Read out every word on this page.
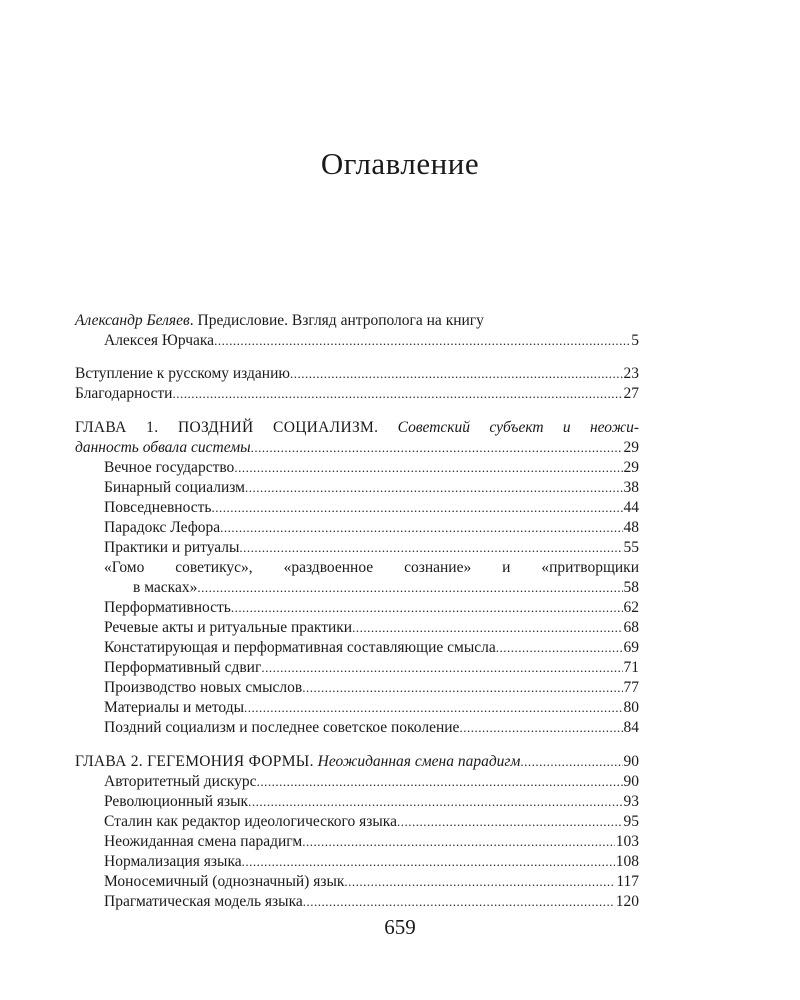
Оглавление
Александр Беляев. Предисловие. Взгляд антрополога на книгу
Алексея Юрчака .....	5
Вступление к русскому изданию .....	23
Благодарности .....	27
ГЛАВА 1. ПОЗДНИЙ СОЦИАЛИЗМ. Советский субъект и неожи-
данность обвала системы .....	29
Вечное государство .....	29
Бинарный социализм .....	38
Повседневность .....	44
Парадокс Лефора .....	48
Практики и ритуалы .....	55
«Гомо советикус», «раздвоенное сознание» и «притворщики
в масках» .....	58
Перформативность .....	62
Речевые акты и ритуальные практики .....	68
Констатирующая и перформативная составляющие смысла .....	69
Перформативный сдвиг .....	71
Производство новых смыслов .....	77
Материалы и методы .....	80
Поздний социализм и последнее советское поколение .....	84
ГЛАВА 2. ГЕГЕМОНИЯ ФОРМЫ. Неожиданная смена парадигм .....	90
Авторитетный дискурс .....	90
Революционный язык .....	93
Сталин как редактор идеологического языка .....	95
Неожиданная смена парадигм .....	103
Нормализация языка .....	108
Моносемичный (однозначный) язык .....	117
Прагматическая модель языка .....	120
659
